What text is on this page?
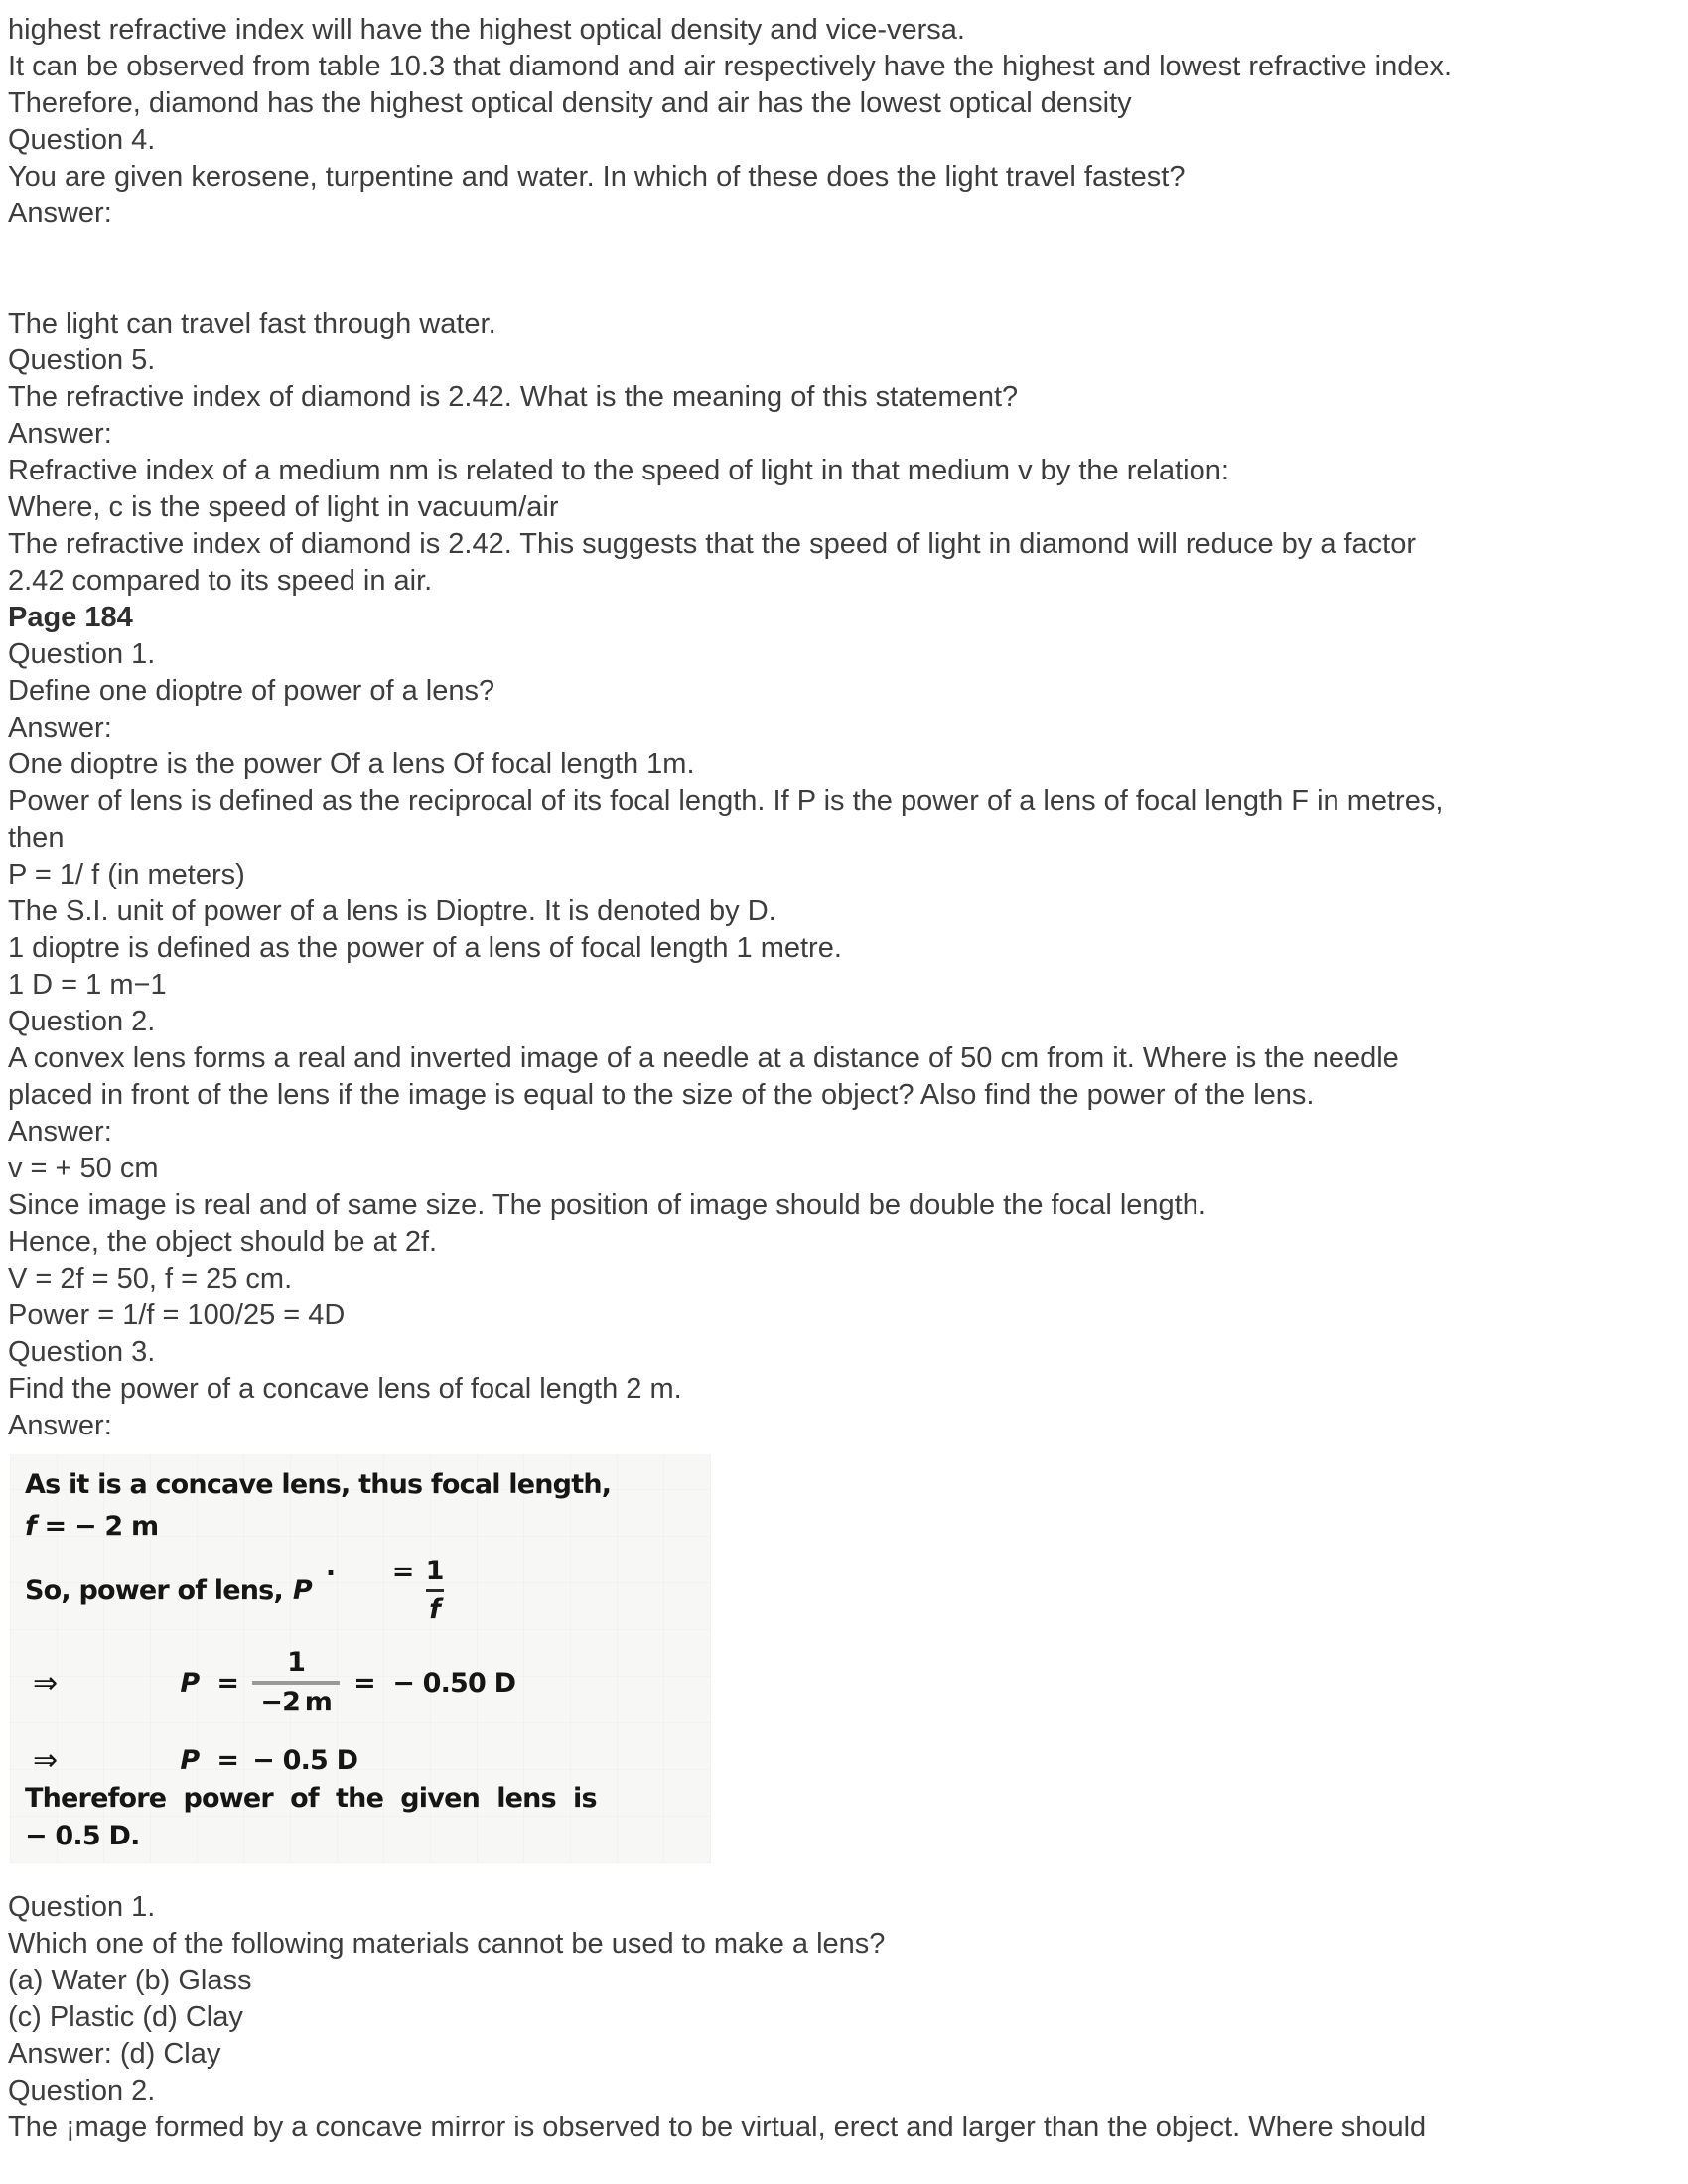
highest refractive index will have the highest optical density and vice-versa.
It can be observed from table 10.3 that diamond and air respectively have the highest and lowest refractive index.
Therefore, diamond has the highest optical density and air has the lowest optical density
Question 4.
You are given kerosene, turpentine and water. In which of these does the light travel fastest?
Answer:
The light can travel fast through water.
Question 5.
The refractive index of diamond is 2.42. What is the meaning of this statement?
Answer:
Refractive index of a medium nm is related to the speed of light in that medium v by the relation:
Where, c is the speed of light in vacuum/air
The refractive index of diamond is 2.42. This suggests that the speed of light in diamond will reduce by a factor
2.42 compared to its speed in air.
Page 184
Question 1.
Define one dioptre of power of a lens?
Answer:
One dioptre is the power Of a lens Of focal length 1m.
Power of lens is defined as the reciprocal of its focal length. If P is the power of a lens of focal length F in metres,
then
P = 1/ f (in meters)
The S.I. unit of power of a lens is Dioptre. It is denoted by D.
1 dioptre is defined as the power of a lens of focal length 1 metre.
1 D = 1 m−1
Question 2.
A convex lens forms a real and inverted image of a needle at a distance of 50 cm from it. Where is the needle
placed in front of the lens if the image is equal to the size of the object? Also find the power of the lens.
Answer:
v = + 50 cm
Since image is real and of same size. The position of image should be double the focal length.
Hence, the object should be at 2f.
V = 2f = 50, f = 25 cm.
Power = 1/f = 100/25 = 4D
Question 3.
Find the power of a concave lens of focal length 2 m.
Answer:
As it is a concave lens, thus focal length,
f = − 2 m
So, power of lens, P

=

.

	$\frac{1}{f}$
⇒	$P = \frac{1}{-2 m}$ =  − 0.50 D
⇒	P = − 0.5 D
Therefore  power  of  the  given  lens  is
− 0.5 D.
Question 1.
Which one of the following materials cannot be used to make a lens?
(a) Water (b) Glass
(c) Plastic (d) Clay
Answer: (d) Clay
Question 2.
The ¡mage formed by a concave mirror is observed to be virtual, erect and larger than the object. Where should
